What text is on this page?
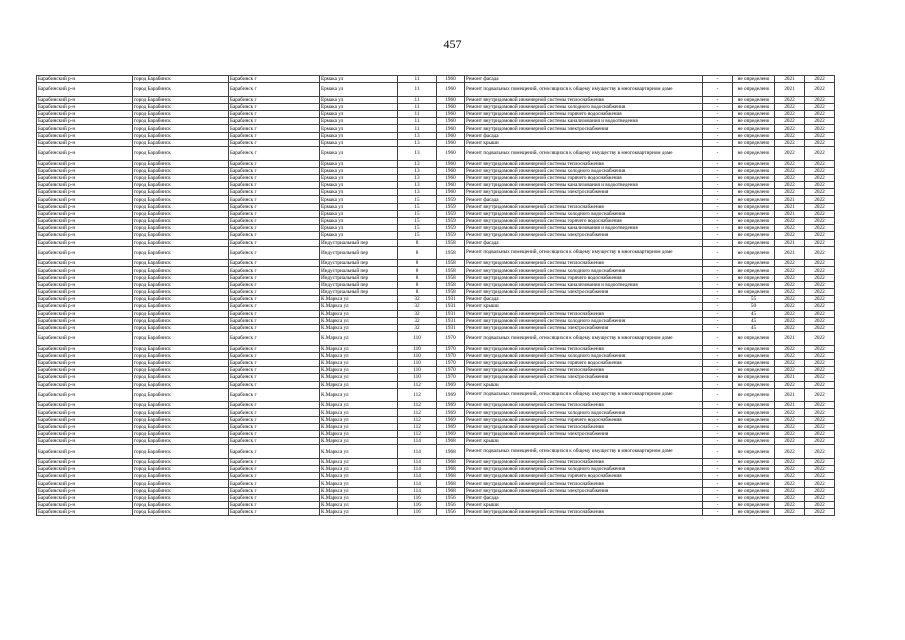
457
Барабинский р-н	город Барабинск	Барабинск г	Ермака ул	11	1960	Ремонт фасада	-	не определено	2021	2022
Барабинский р-н	город Барабинск	Барабинск г	Ермака ул	11	1960	Ремонт подвальных помещений, относящихся к общему имуществу в многоквартирном доме	-	не определено	2021	2022
Барабинский р-н	город Барабинск	Барабинск г	Ермака ул	11	1960	Ремонт внутридомовой инженерной системы теплоснабжения	-	не определено	2022	2022
Барабинский р-н	город Барабинск	Барабинск г	Ермака ул	11	1960	Ремонт внутридомовой инженерной системы холодного водоснабжения	-	не определено	2022	2022
Барабинский р-н	город Барабинск	Барабинск г	Ермака ул	11	1960	Ремонт внутридомовой инженерной системы горячего водоснабжения	-	не определено	2022	2022
Барабинский р-н	город Барабинск	Барабинск г	Ермака ул	11	1960	Ремонт внутридомовой инженерной системы канализования и водоотведения	-	не определено	2022	2022
Барабинский р-н	город Барабинск	Барабинск г	Ермака ул	11	1960	Ремонт внутридомовой инженерной системы электроснабжения	-	не определено	2022	2022
Барабинский р-н	город Барабинск	Барабинск г	Ермака ул	13	1960	Ремонт фасада	-	не определено	2022	2022
Барабинский р-н	город Барабинск	Барабинск г	Ермака ул	13	1960	Ремонт крыши	-	не определено	2022	2022
Барабинский р-н	город Барабинск	Барабинск г	Ермака ул	13	1960	Ремонт подвальных помещений, относящихся к общему имуществу в многоквартирном доме	-	не определено	2022	2022
Барабинский р-н	город Барабинск	Барабинск г	Ермака ул	13	1960	Ремонт внутридомовой инженерной системы теплоснабжения	-	не определено	2022	2022
Барабинский р-н	город Барабинск	Барабинск г	Ермака ул	13	1960	Ремонт внутридомовой инженерной системы холодного водоснабжения	-	не определено	2022	2022
Барабинский р-н	город Барабинск	Барабинск г	Ермака ул	13	1960	Ремонт внутридомовой инженерной системы горячего водоснабжения	-	не определено	2022	2022
Барабинский р-н	город Барабинск	Барабинск г	Ермака ул	13	1960	Ремонт внутридомовой инженерной системы канализования и водоотведения	-	не определено	2022	2022
Барабинский р-н	город Барабинск	Барабинск г	Ермака ул	13	1960	Ремонт внутридомовой инженерной системы электроснабжения	-	не определено	2022	2022
Барабинский р-н	город Барабинск	Барабинск г	Ермака ул	15	1959	Ремонт фасада	-	не определено	2021	2022
Барабинский р-н	город Барабинск	Барабинск г	Ермака ул	15	1959	Ремонт внутридомовой инженерной системы теплоснабжения	-	не определено	2021	2022
Барабинский р-н	город Барабинск	Барабинск г	Ермака ул	15	1959	Ремонт внутридомовой инженерной системы холодного водоснабжения	-	не определено	2021	2022
Барабинский р-н	город Барабинск	Барабинск г	Ермака ул	15	1959	Ремонт внутридомовой инженерной системы горячего водоснабжения	-	не определено	2022	2022
Барабинский р-н	город Барабинск	Барабинск г	Ермака ул	15	1959	Ремонт внутридомовой инженерной системы канализования и водоотведения	-	не определено	2022	2022
Барабинский р-н	город Барабинск	Барабинск г	Ермака ул	15	1959	Ремонт внутридомовой инженерной системы электроснабжения	-	не определено	2022	2022
Барабинский р-н	город Барабинск	Барабинск г	Индустриальный пер	8	1958	Ремонт фасада	-	не определено	2021	2022
Барабинский р-н	город Барабинск	Барабинск г	Индустриальный пер	8	1958	Ремонт подвальных помещений, относящихся к общему имуществу в многоквартирном доме	-	не определено	2021	2022
Барабинский р-н	город Барабинск	Барабинск г	Индустриальный пер	8	1958	Ремонт внутридомовой инженерной системы теплоснабжения	-	не определено	2022	2022
Барабинский р-н	город Барабинск	Барабинск г	Индустриальный пер	8	1958	Ремонт внутридомовой инженерной системы холодного водоснабжения	-	не определено	2022	2022
Барабинский р-н	город Барабинск	Барабинск г	Индустриальный пер	8	1958	Ремонт внутридомовой инженерной системы горячего водоснабжения	-	не определено	2022	2022
Барабинский р-н	город Барабинск	Барабинск г	Индустриальный пер	8	1958	Ремонт внутридомовой инженерной системы канализования и водоотведения	-	не определено	2022	2022
Барабинский р-н	город Барабинск	Барабинск г	Индустриальный пер	8	1958	Ремонт внутридомовой инженерной системы электроснабжения	-	не определено	2022	2022
Барабинский р-н	город Барабинск	Барабинск г	К.Маркса ул	32	1931	Ремонт фасада	-	55	2022	2022
Барабинский р-н	город Барабинск	Барабинск г	К.Маркса ул	32	1931	Ремонт крыши	-	50	2022	2022
Барабинский р-н	город Барабинск	Барабинск г	К.Маркса ул	32	1931	Ремонт внутридомовой инженерной системы теплоснабжения	-	45	2022	2022
Барабинский р-н	город Барабинск	Барабинск г	К.Маркса ул	32	1931	Ремонт внутридомовой инженерной системы холодного водоснабжения	-	45	2022	2022
Барабинский р-н	город Барабинск	Барабинск г	К.Маркса ул	32	1931	Ремонт внутридомовой инженерной системы электроснабжения	-	45	2022	2022
Барабинский р-н	город Барабинск	Барабинск г	К.Маркса ул	110	1970	Ремонт подвальных помещений, относящихся к общему имуществу в многоквартирном доме	-	не определено	2021	2022
Барабинский р-н	город Барабинск	Барабинск г	К.Маркса ул	110	1970	Ремонт внутридомовой инженерной системы теплоснабжения	-	не определено	2022	2022
Барабинский р-н	город Барабинск	Барабинск г	К.Маркса ул	110	1970	Ремонт внутридомовой инженерной системы холодного водоснабжения	-	не определено	2022	2022
Барабинский р-н	город Барабинск	Барабинск г	К.Маркса ул	110	1970	Ремонт внутридомовой инженерной системы горячего водоснабжения	-	не определено	2022	2022
Барабинский р-н	город Барабинск	Барабинск г	К.Маркса ул	110	1970	Ремонт внутридомовой инженерной системы теплоснабжения	-	не определено	2022	2022
Барабинский р-н	город Барабинск	Барабинск г	К.Маркса ул	110	1970	Ремонт внутридомовой инженерной системы электроснабжения	-	не определено	2021	2022
Барабинский р-н	город Барабинск	Барабинск г	К.Маркса ул	112	1969	Ремонт крыши	-	не определено	2022	2022
Барабинский р-н	город Барабинск	Барабинск г	К.Маркса ул	112	1969	Ремонт подвальных помещений, относящихся к общему имуществу в многоквартирном доме	-	не определено	2021	2022
Барабинский р-н	город Барабинск	Барабинск г	К.Маркса ул	112	1969	Ремонт внутридомовой инженерной системы теплоснабжения	-	не определено	2021	2022
Барабинский р-н	город Барабинск	Барабинск г	К.Маркса ул	112	1969	Ремонт внутридомовой инженерной системы холодного водоснабжения	-	не определено	2022	2022
Барабинский р-н	город Барабинск	Барабинск г	К.Маркса ул	112	1969	Ремонт внутридомовой инженерной системы горячего водоснабжения	-	не определено	2022	2022
Барабинский р-н	город Барабинск	Барабинск г	К.Маркса ул	112	1969	Ремонт внутридомовой инженерной системы теплоснабжения	-	не определено	2022	2022
Барабинский р-н	город Барабинск	Барабинск г	К.Маркса ул	112	1969	Ремонт внутридомовой инженерной системы электроснабжения	-	не определено	2022	2022
Барабинский р-н	город Барабинск	Барабинск г	К.Маркса ул	114	1968	Ремонт крыши	-	не определено	2022	2022
Барабинский р-н	город Барабинск	Барабинск г	К.Маркса ул	114	1968	Ремонт подвальных помещений, относящихся к общему имуществу в многоквартирном доме	-	не определено	2022	2022
Барабинский р-н	город Барабинск	Барабинск г	К.Маркса ул	114	1968	Ремонт внутридомовой инженерной системы теплоснабжения	-	не определено	2022	2022
Барабинский р-н	город Барабинск	Барабинск г	К.Маркса ул	114	1968	Ремонт внутридомовой инженерной системы холодного водоснабжения	-	не определено	2022	2022
Барабинский р-н	город Барабинск	Барабинск г	К.Маркса ул	114	1968	Ремонт внутридомовой инженерной системы горячего водоснабжения	-	не определено	2022	2022
Барабинский р-н	город Барабинск	Барабинск г	К.Маркса ул	114	1968	Ремонт внутридомовой инженерной системы теплоснабжения	-	не определено	2022	2022
Барабинский р-н	город Барабинск	Барабинск г	К.Маркса ул	114	1968	Ремонт внутридомовой инженерной системы электроснабжения	-	не определено	2022	2022
Барабинский р-н	город Барабинск	Барабинск г	К.Маркса ул	116	1956	Ремонт фасада	-	не определено	2022	2022
Барабинский р-н	город Барабинск	Барабинск г	К.Маркса ул	116	1956	Ремонт крыши	-	не определено	2022	2022
Барабинский р-н	город Барабинск	Барабинск г	К.Маркса ул	116	1956	Ремонт внутридомовой инженерной системы теплоснабжения	-	не определено	2022	2022
